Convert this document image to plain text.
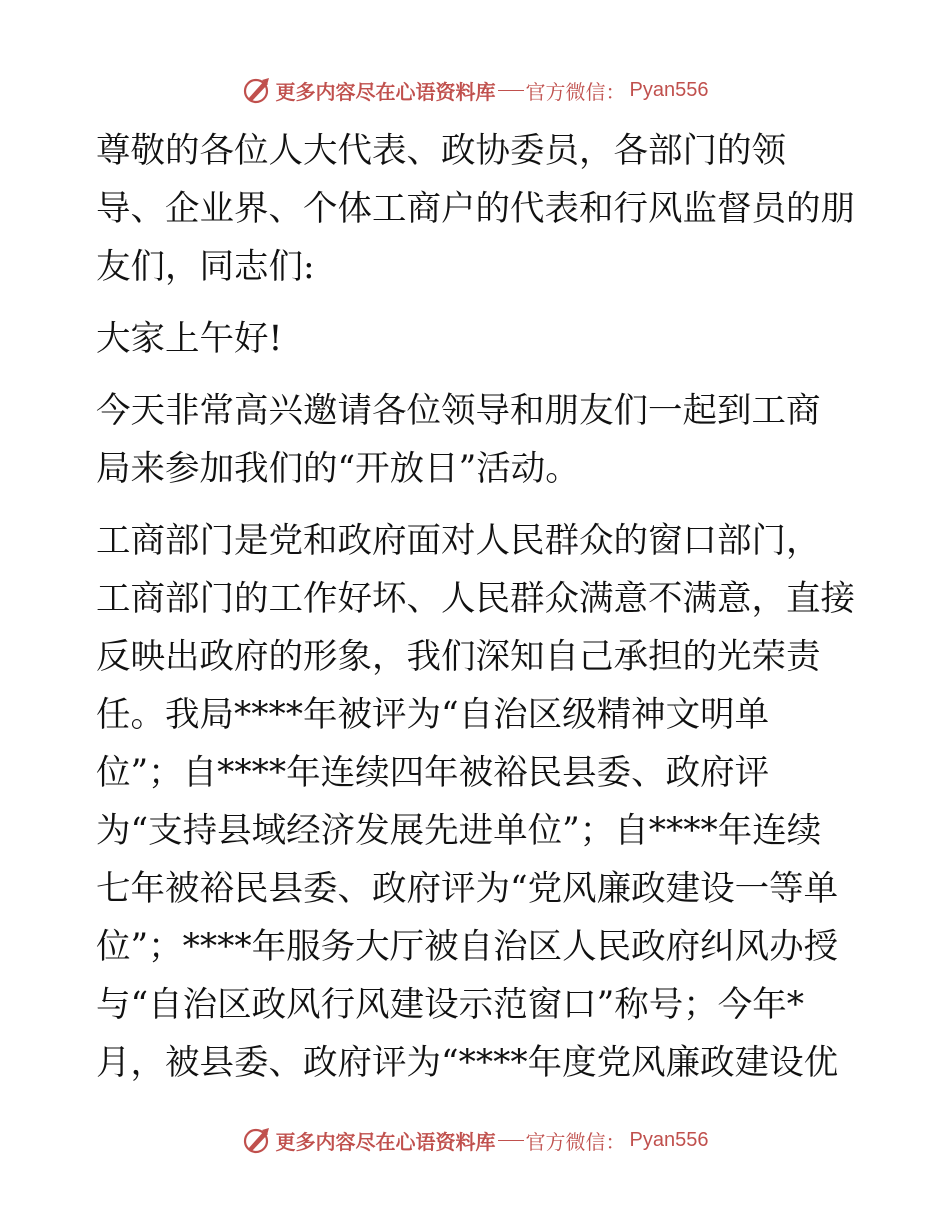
更多内容尽在心语资料库 官方微信： Pyan556
尊敬的各位人大代表、政协委员，各部门的领
导、企业界、个体工商户的代表和行风监督员的朋
友们，同志们:
大家上午好!
今天非常高兴邀请各位领导和朋友们一起到工商
局来参加我们的“开放日”活动。
工商部门是党和政府面对人民群众的窗口部门，
工商部门的工作好坏、人民群众满意不满意，直接
反映出政府的形象，我们深知自己承担的光荣责
任。我局****年被评为“自治区级精神文明单
位”；自****年连续四年被裕民县委、政府评
为“支持县域经济发展先进单位”；自****年连续
七年被裕民县委、政府评为“党风廉政建设一等单
位”；****年服务大厅被自治区人民政府纠风办授
与“自治区政风行风建设示范窗口”称号；今年*
月，被县委、政府评为“****年度党风廉政建设优
更多内容尽在心语资料库 官方微信： Pyan556
